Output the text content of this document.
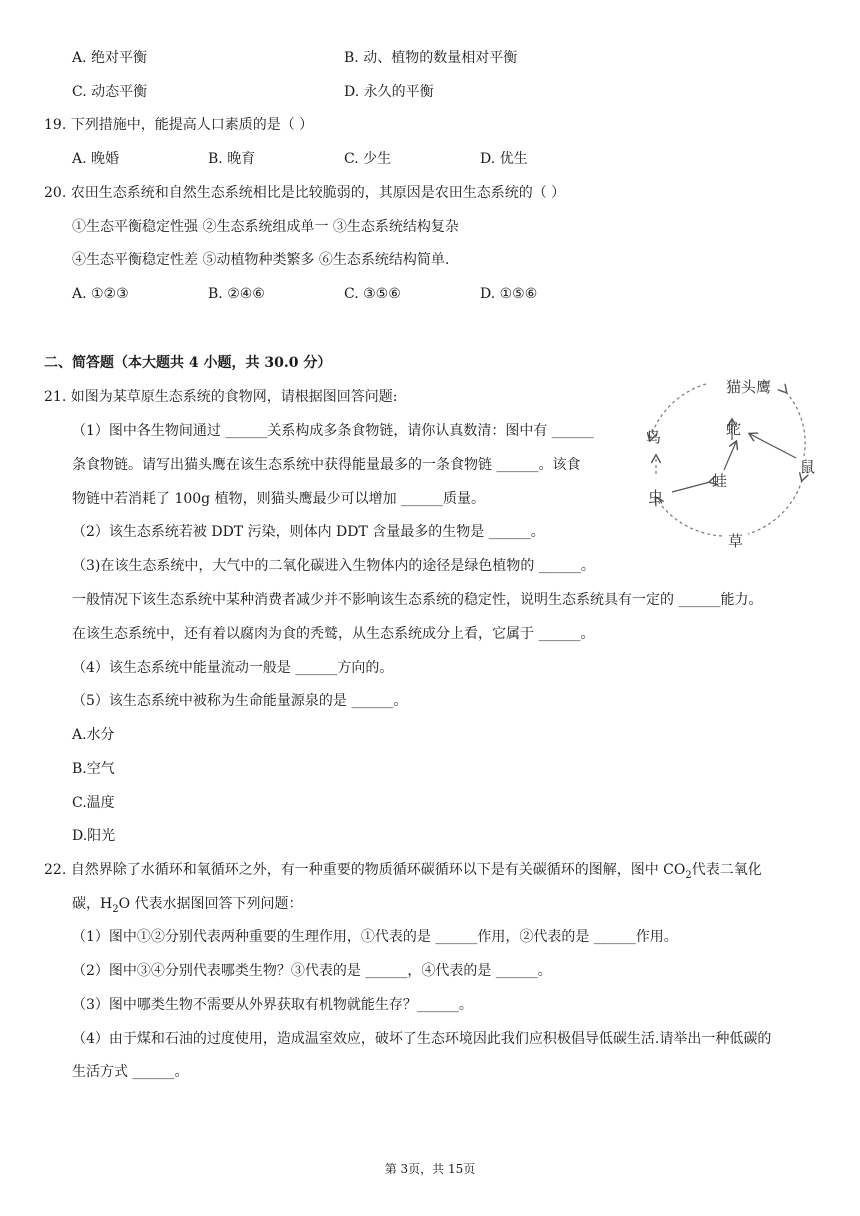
A. 绝对平衡	B. 动、植物的数量相对平衡
C. 动态平衡	D. 永久的平衡
19. 下列措施中，能提高人口素质的是（ ）
A. 晚婚	B. 晚育	C. 少生	D. 优生
20. 农田生态系统和自然生态系统相比是比较脆弱的，其原因是农田生态系统的（ ）
①生态平衡稳定性强 ②生态系统组成单一 ③生态系统结构复杂
④生态平衡稳定性差 ⑤动植物种类繁多 ⑥生态系统结构简单.
A. ①②③	B. ②④⑥	C. ③⑤⑥	D. ①⑤⑥
二、简答题（本大题共 4 小题，共 30.0 分）
21. 如图为某草原生态系统的食物网，请根据图回答问题:
（1）图中各生物间通过 ______关系构成多条食物链，请你认真数清：图中有 ______
条食物链。请写出猫头鹰在该生态系统中获得能量最多的一条食物链 ______。该食
物链中若消耗了 100g 植物，则猫头鹰最少可以增加 ______质量。
（2）该生态系统若被 DDT 污染，则体内 DDT 含量最多的生物是 ______。
（3)在该生态系统中，大气中的二氧化碳进入生物体内的途径是绿色植物的 ______。
一般情况下该生态系统中某种消费者减少并不影响该生态系统的稳定性，说明生态系统具有一定的 ______能力。
在该生态系统中，还有着以腐肉为食的秃鹫，从生态系统成分上看，它属于 ______。
（4）该生态系统中能量流动一般是 ______方向的。
（5）该生态系统中被称为生命能量源泉的是 ______。
A.水分
B.空气
C.温度
D.阳光
猫头鹰
蛇
鸟
鼠
蛙
虫
草
22. 自然界除了水循环和氧循环之外，有一种重要的物质循环碳循环以下是有关碳循环的图解，图中 $CO_2$代表二氧化
碳，$H_2O$ 代表水据图回答下列问题：
（1）图中①②分别代表两种重要的生理作用，①代表的是 ______作用，②代表的是 ______作用。
（2）图中③④分别代表哪类生物？③代表的是 ______，④代表的是 ______。
（3）图中哪类生物不需要从外界获取有机物就能生存？______。
（4）由于煤和石油的过度使用，造成温室效应，破坏了生态环境因此我们应积极倡导低碳生活.请举出一种低碳的
生活方式 ______。
第 3页，共 15页
